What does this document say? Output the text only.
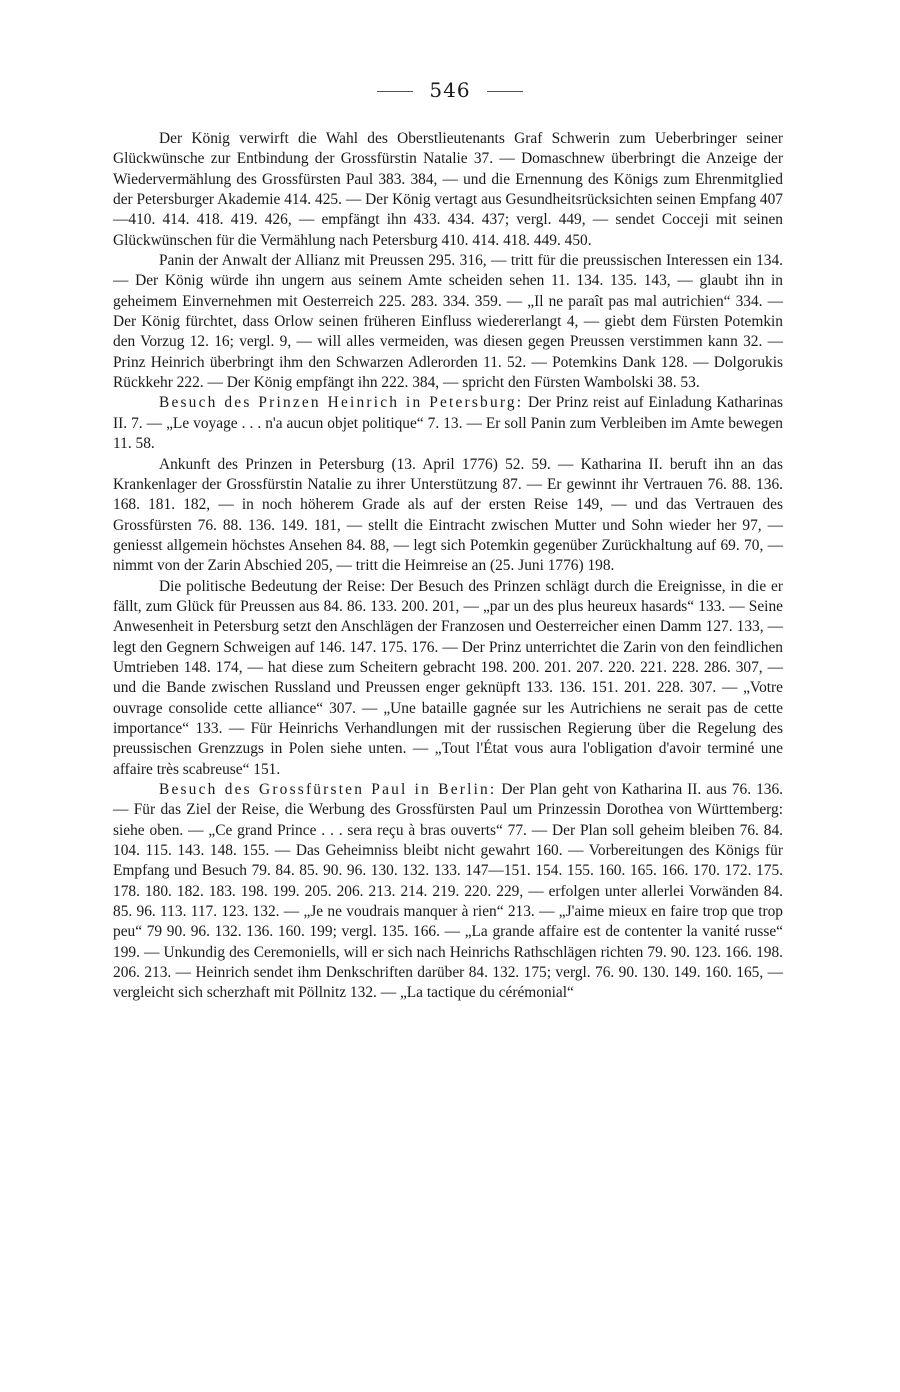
546

Der König verwirft die Wahl des Oberstlieutenants Graf Schwerin zum Ueberbringer seiner Glückwünsche zur Entbindung der Grossfürstin Natalie 37. — Domaschnew überbringt die Anzeige der Wiedervermählung des Grossfürsten Paul 383. 384, — und die Ernennung des Königs zum Ehrenmitglied der Petersburger Akademie 414. 425. — Der König vertagt aus Gesundheitsrücksichten seinen Empfang 407—410. 414. 418. 419. 426, — empfängt ihn 433. 434. 437; vergl. 449, — sendet Cocceji mit seinen Glückwünschen für die Vermählung nach Petersburg 410. 414. 418. 449. 450.

Panin der Anwalt der Allianz mit Preussen 295. 316, — tritt für die preussischen Interessen ein 134. — Der König würde ihn ungern aus seinem Amte scheiden sehen 11. 134. 135. 143, — glaubt ihn in geheimem Einvernehmen mit Oesterreich 225. 283. 334. 359. — „Il ne paraît pas mal autrichien“ 334. — Der König fürchtet, dass Orlow seinen früheren Einfluss wiedererlangt 4, — giebt dem Fürsten Potemkin den Vorzug 12. 16; vergl. 9, — will alles vermeiden, was diesen gegen Preussen verstimmen kann 32. — Prinz Heinrich überbringt ihm den Schwarzen Adlerorden 11. 52. — Potemkins Dank 128. — Dolgorukis Rückkehr 222. — Der König empfängt ihn 222. 384, — spricht den Fürsten Wambolski 38. 53.

Besuch des Prinzen Heinrich in Petersburg: Der Prinz reist auf Einladung Katharinas II. 7. — „Le voyage . . . n'a aucun objet politique“ 7. 13. — Er soll Panin zum Verbleiben im Amte bewegen 11. 58.

Ankunft des Prinzen in Petersburg (13. April 1776) 52. 59. — Katharina II. beruft ihn an das Krankenlager der Grossfürstin Natalie zu ihrer Unterstützung 87. — Er gewinnt ihr Vertrauen 76. 88. 136. 168. 181. 182, — in noch höherem Grade als auf der ersten Reise 149, — und das Vertrauen des Grossfürsten 76. 88. 136. 149. 181, — stellt die Eintracht zwischen Mutter und Sohn wieder her 97, — geniesst allgemein höchstes Ansehen 84. 88, — legt sich Potemkin gegenüber Zurückhaltung auf 69. 70, — nimmt von der Zarin Abschied 205, — tritt die Heimreise an (25. Juni 1776) 198.

Die politische Bedeutung der Reise: Der Besuch des Prinzen schlägt durch die Ereignisse, in die er fällt, zum Glück für Preussen aus 84. 86. 133. 200. 201, — „par un des plus heureux hasards“ 133. — Seine Anwesenheit in Petersburg setzt den Anschlägen der Franzosen und Oesterreicher einen Damm 127. 133, — legt den Gegnern Schweigen auf 146. 147. 175. 176. — Der Prinz unterrichtet die Zarin von den feindlichen Umtrieben 148. 174, — hat diese zum Scheitern gebracht 198. 200. 201. 207. 220. 221. 228. 286. 307, — und die Bande zwischen Russland und Preussen enger geknüpft 133. 136. 151. 201. 228. 307. — „Votre ouvrage consolide cette alliance“ 307. — „Une bataille gagnée sur les Autrichiens ne serait pas de cette importance“ 133. — Für Heinrichs Verhandlungen mit der russischen Regierung über die Regelung des preussischen Grenzzugs in Polen siehe unten. — „Tout l'État vous aura l'obligation d'avoir terminé une affaire très scabreuse“ 151.

Besuch des Grossfürsten Paul in Berlin: Der Plan geht von Katharina II. aus 76. 136. — Für das Ziel der Reise, die Werbung des Grossfürsten Paul um Prinzessin Dorothea von Württemberg: siehe oben. — „Ce grand Prince . . . sera reçu à bras ouverts“ 77. — Der Plan soll geheim bleiben 76. 84. 104. 115. 143. 148. 155. — Das Geheimniss bleibt nicht gewahrt 160. — Vorbereitungen des Königs für Empfang und Besuch 79. 84. 85. 90. 96. 130. 132. 133. 147—151. 154. 155. 160. 165. 166. 170. 172. 175. 178. 180. 182. 183. 198. 199. 205. 206. 213. 214. 219. 220. 229, — erfolgen unter allerlei Vorwänden 84. 85. 96. 113. 117. 123. 132. — „Je ne voudrais manquer à rien“ 213. — „J'aime mieux en faire trop que trop peu“ 79 90. 96. 132. 136. 160. 199; vergl. 135. 166. — „La grande affaire est de contenter la vanité russe“ 199. — Unkundig des Ceremoniells, will er sich nach Heinrichs Rathschlägen richten 79. 90. 123. 166. 198. 206. 213. — Heinrich sendet ihm Denkschriften darüber 84. 132. 175; vergl. 76. 90. 130. 149. 160. 165, — vergleicht sich scherzhaft mit Pöllnitz 132. — „La tactique du cérémonial“
